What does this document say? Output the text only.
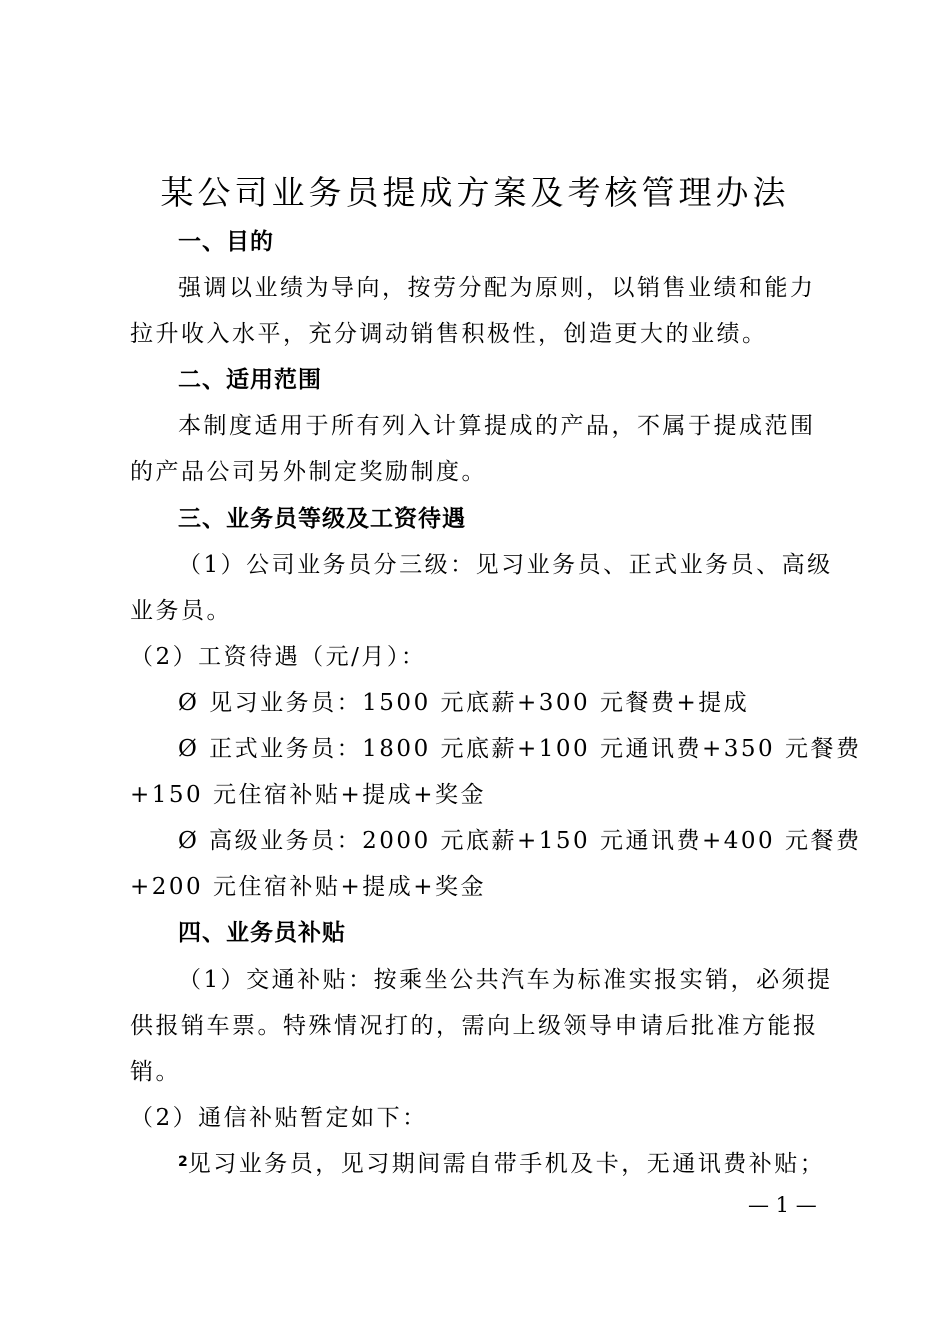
某公司业务员提成方案及考核管理办法
一、目的
强调以业绩为导向，按劳分配为原则，以销售业绩和能力
拉升收入水平，充分调动销售积极性，创造更大的业绩。
二、适用范围
本制度适用于所有列入计算提成的产品，不属于提成范围
的产品公司另外制定奖励制度。
三、业务员等级及工资待遇
（1）公司业务员分三级：见习业务员、正式业务员、高级
业务员。
（2）工资待遇（元/月）：
Ø 见习业务员：1500 元底薪+300 元餐费+提成
Ø 正式业务员：1800 元底薪+100 元通讯费+350 元餐费
+150 元住宿补贴+提成+奖金
Ø 高级业务员：2000 元底薪+150 元通讯费+400 元餐费
+200 元住宿补贴+提成+奖金
四、业务员补贴
（1）交通补贴：按乘坐公共汽车为标准实报实销，必须提
供报销车票。特殊情况打的，需向上级领导申请后批准方能报
销。
（2）通信补贴暂定如下：
$^2$见习业务员，见习期间需自带手机及卡，无通讯费补贴；
— 1 —
